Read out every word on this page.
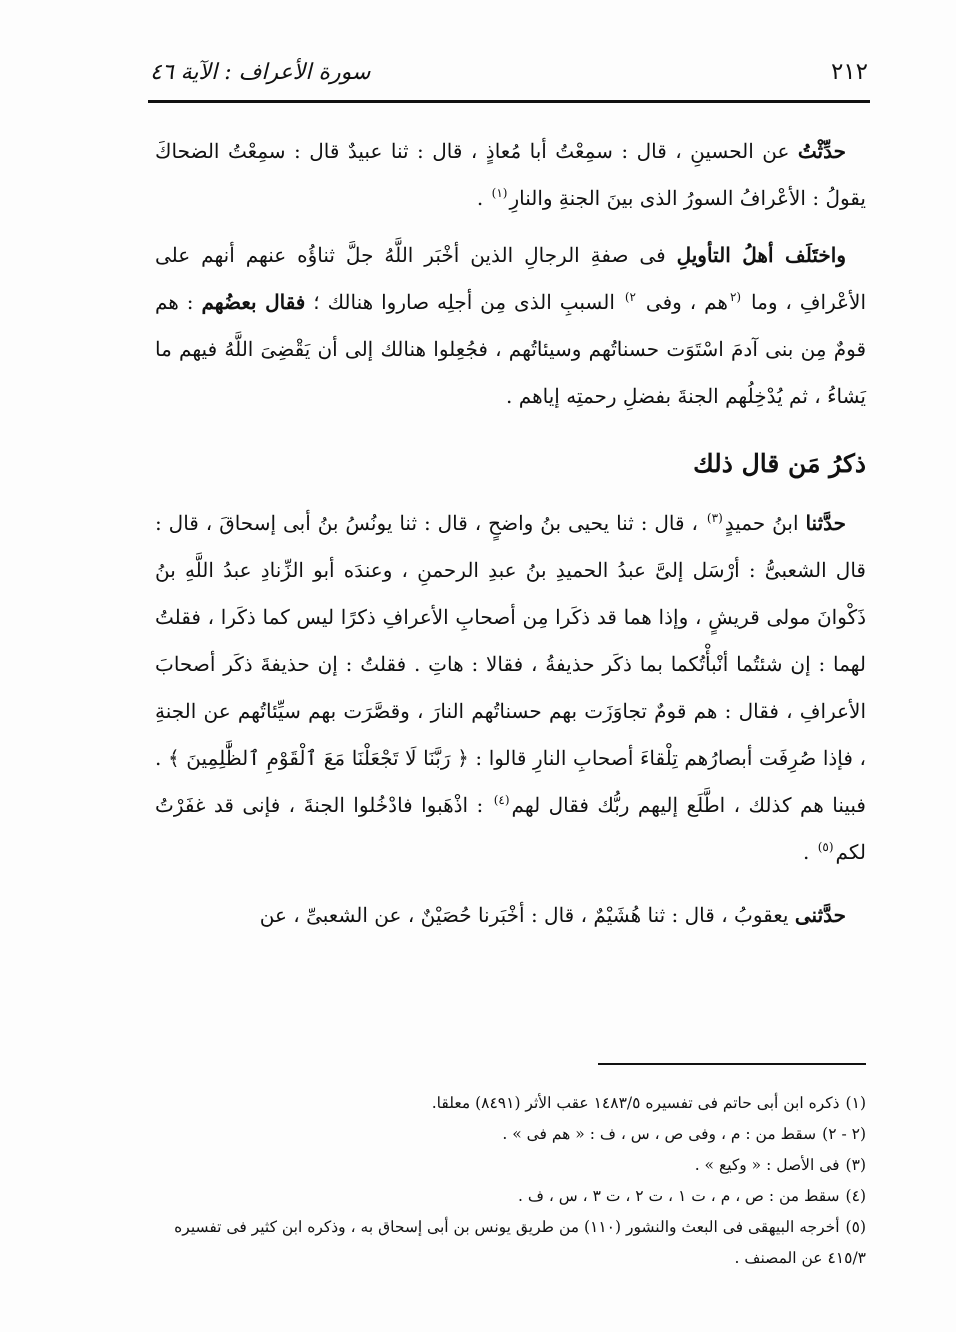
٢١٢
سورة الأعراف : الآية ٤٦

حدِّثْتُ عن الحسينِ ، قال : سمِعْتُ أبا مُعاذٍ ، قال : ثنا عبيدٌ قال : سمِعْتُ الضحاكَ يقولُ : الأعْرافُ السورُ الذى بينَ الجنةِ والنارِ$^{(١)}$ .

واختَلَف أهلُ التأويلِ فى صفةِ الرجالِ الذين أخْبَر اللَّهُ جلَّ ثناؤُه عنهم أنهم على الأعْرافِ ، وما $^{(٢}$هم ، وفى $^{٢)}$ السببِ الذى مِن أجلِه صاروا هنالك ؛ فقال بعضُهم : هم قومٌ مِن بنى آدمَ اسْتَوَت حسناتُهم وسيئاتُهم ، فجُعِلوا هنالك إلى أن يَقْضِىَ اللَّهُ فيهم ما يَشاءُ ، ثم يُدْخِلُهم الجنةَ بفضلِ رحمتِه إياهم .

ذكرُ مَن قال ذلك

حدَّثنا ابنُ حميدٍ$^{(٣)}$ ، قال : ثنا يحيى بنُ واضحٍ ، قال : ثنا يونُسُ بنُ أبى إسحاقَ ، قال : قال الشعبىُّ : أرْسَل إلىَّ عبدُ الحميدِ بنُ عبدِ الرحمنِ ، وعندَه أبو الزِّنادِ عبدُ اللَّهِ بنُ ذَكْوانَ مولى قريشٍ ، وإذا هما قد ذكَرا مِن أصحابِ الأعرافِ ذكرًا ليس كما ذكَرا ، فقلتُ لهما : إن شئتُما أنْبأْتُكما بما ذكَر حذيفةُ ، فقالا : هاتِ . فقلتُ : إن حذيفةَ ذكَر أصحابَ الأعرافِ ، فقال : هم قومٌ تجاوَزَت بهم حسناتُهم النارَ ، وقصَّرَت بهم سيِّئاتُهم عن الجنةِ ، فإذا صُرِفَت أبصارُهم تِلْقاءَ أصحابِ النارِ قالوا : ﴿ رَبَّنَا لَا تَجْعَلْنَا مَعَ ٱلْقَوْمِ ٱلظَّٰلِمِينَ ﴾ . فبينا هم كذلك ، اطَّلَع إليهم ربُّك فقال لهم$^{(٤)}$ : اذْهَبوا فادْخُلوا الجنةَ ، فإنى قد غفَرْتُ لكم$^{(٥)}$ .

حدَّثنى يعقوبُ ، قال : ثنا هُشَيْمٌ ، قال : أخْبَرنا حُصَيْنٌ ، عن الشعبىِّ ، عن

(١)ذكره ابن أبى حاتم فى تفسيره ١٤٨٣/٥ عقب الأثر (٨٤٩١) معلقا.

(٢ - ٢)سقط من : م ، وفى ص ، س ، ف : « هم فى » .

(٣)فى الأصل : « وكيع » .

(٤)سقط من : ص ، م ، ت ١ ، ت ٢ ، ت ٣ ، س ، ف .

(٥)أخرجه البيهقى فى البعث والنشور (١١٠) من طريق يونس بن أبى إسحاق به ، وذكره ابن كثير فى تفسيره ٤١٥/٣ عن المصنف .
